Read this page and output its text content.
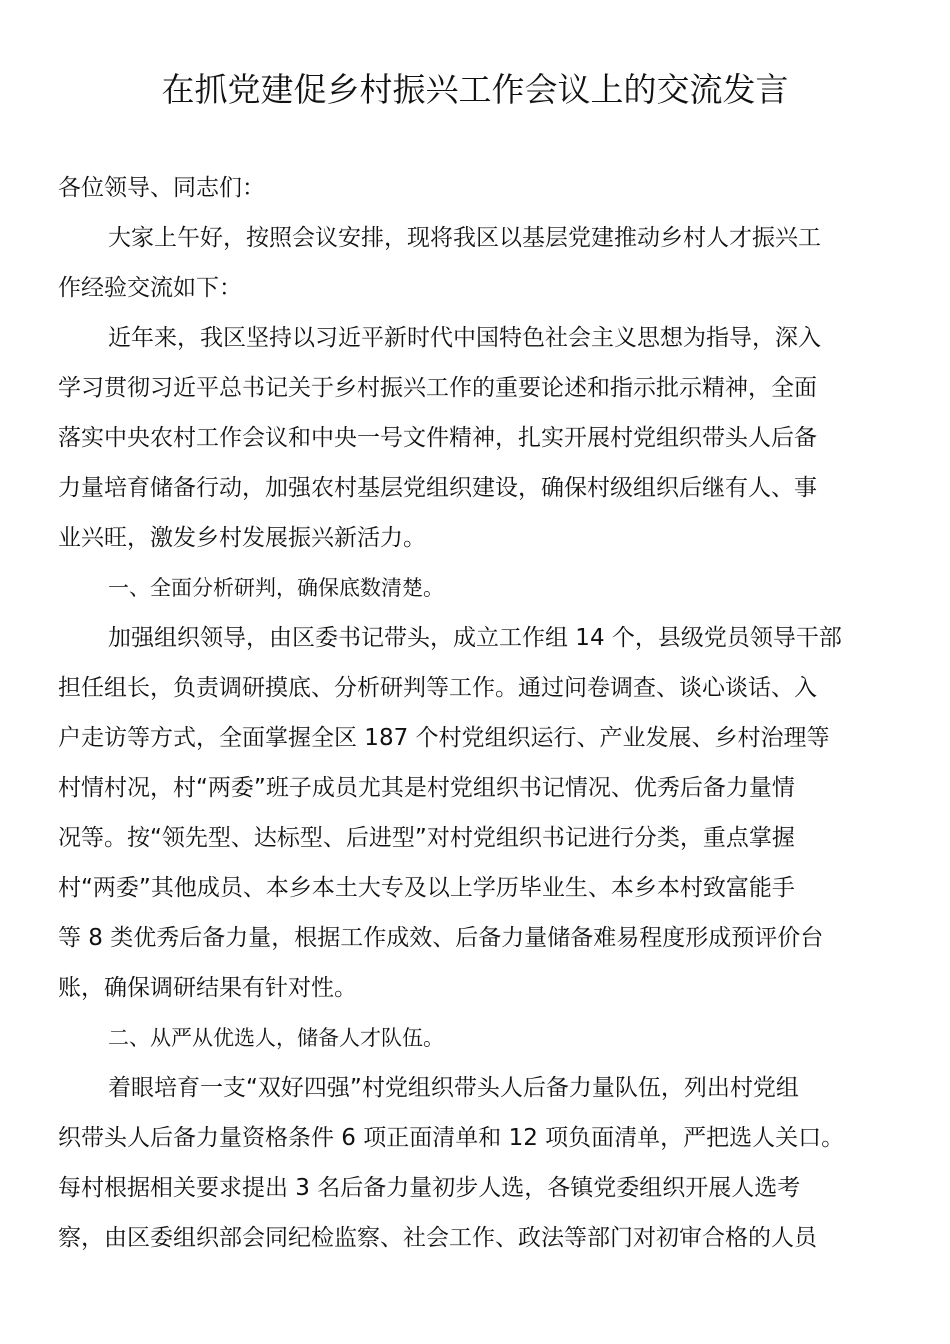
在抓党建促乡村振兴工作会议上的交流发言
各位领导、同志们：
大家上午好，按照会议安排，现将我区以基层党建推动乡村人才振兴工
作经验交流如下：
近年来，我区坚持以习近平新时代中国特色社会主义思想为指导，深入
学习贯彻习近平总书记关于乡村振兴工作的重要论述和指示批示精神，全面
落实中央农村工作会议和中央一号文件精神，扎实开展村党组织带头人后备
力量培育储备行动，加强农村基层党组织建设，确保村级组织后继有人、事
业兴旺，激发乡村发展振兴新活力。
一、全面分析研判，确保底数清楚。
加强组织领导，由区委书记带头，成立工作组 14 个，县级党员领导干部
担任组长，负责调研摸底、分析研判等工作。通过问卷调查、谈心谈话、入
户走访等方式，全面掌握全区 187 个村党组织运行、产业发展、乡村治理等
村情村况，村“两委”班子成员尤其是村党组织书记情况、优秀后备力量情
况等。按“领先型、达标型、后进型”对村党组织书记进行分类，重点掌握
村“两委”其他成员、本乡本土大专及以上学历毕业生、本乡本村致富能手
等 8 类优秀后备力量，根据工作成效、后备力量储备难易程度形成预评价台
账，确保调研结果有针对性。
二、从严从优选人，储备人才队伍。
着眼培育一支“双好四强”村党组织带头人后备力量队伍，列出村党组
织带头人后备力量资格条件 6 项正面清单和 12 项负面清单，严把选人关口。
每村根据相关要求提出 3 名后备力量初步人选，各镇党委组织开展人选考
察，由区委组织部会同纪检监察、社会工作、政法等部门对初审合格的人员
